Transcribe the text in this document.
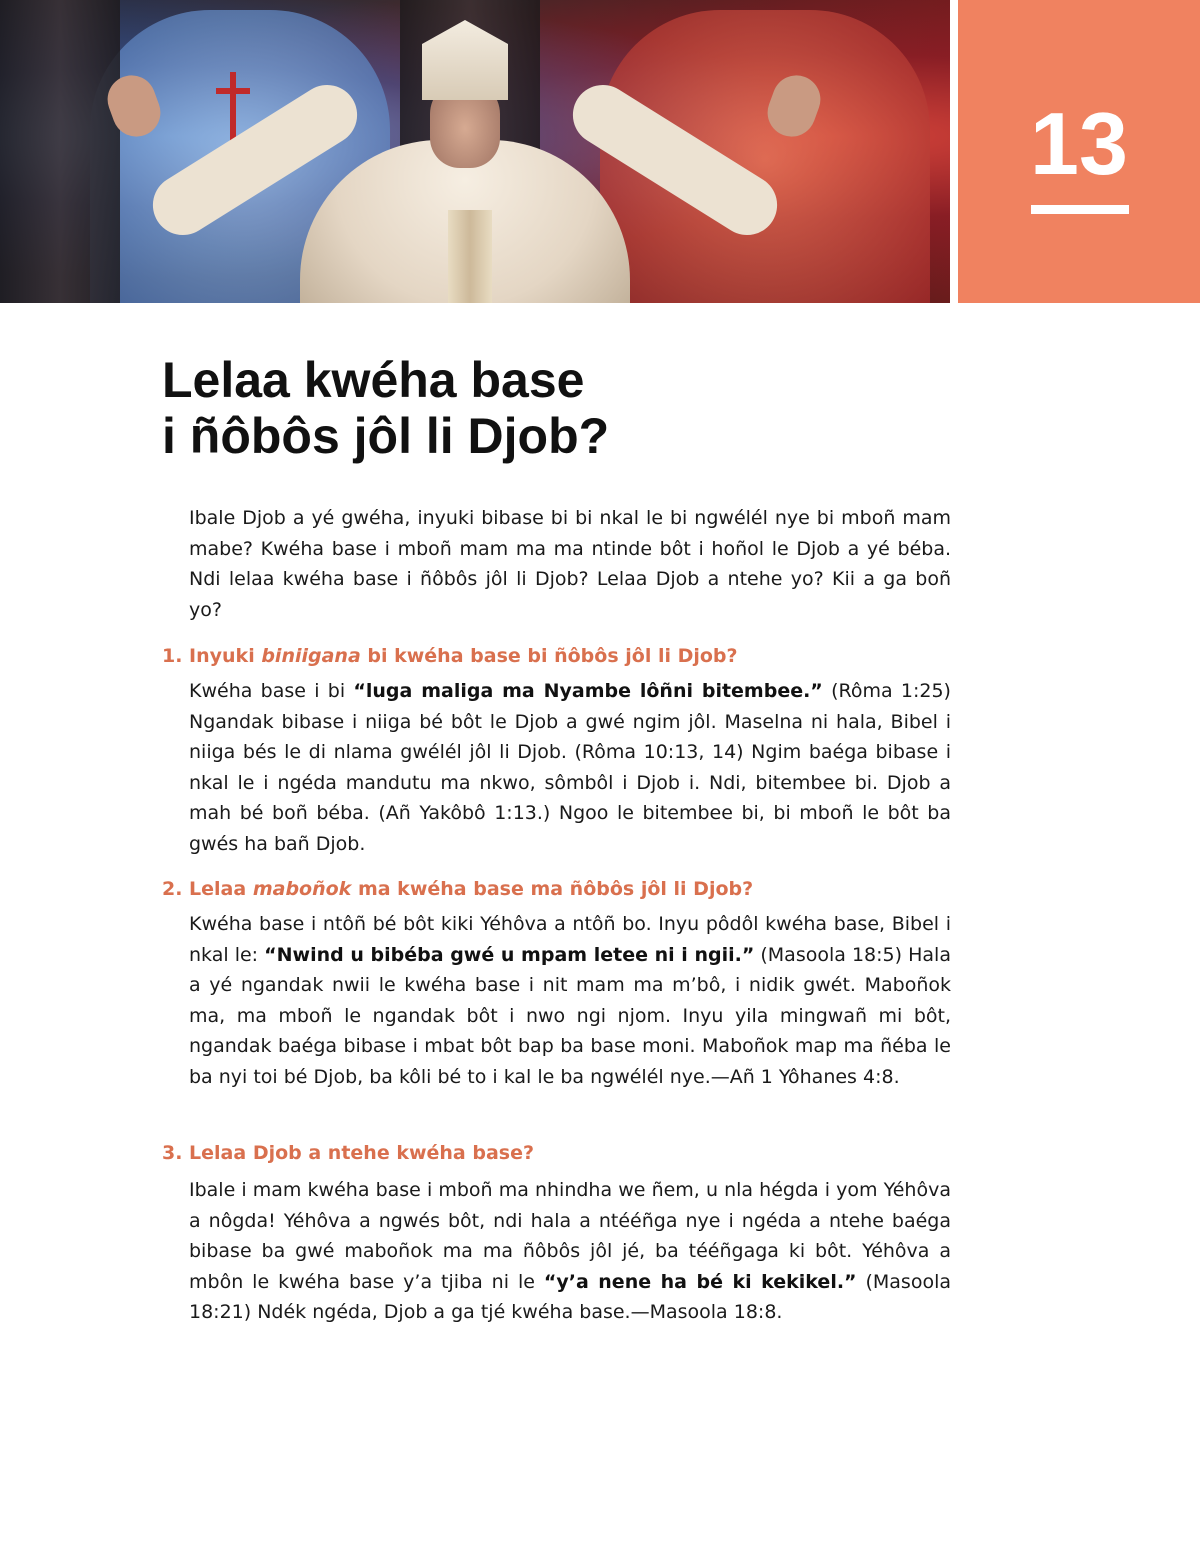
13
Lelaa kwéha base
i ñôbôs jôl li Djob?

Ibale Djob a yé gwéha, inyuki bibase bi bi nkal le bi ngwélél nye bi mboñ mam mabe? Kwéha base i mboñ mam ma ma ntinde bôt i hoñol le Djob a yé béba. Ndi lelaa kwéha base i ñôbôs jôl li Djob? Lelaa Djob a ntehe yo? Kii a ga boñ yo?

1. Inyuki biniigana bi kwéha base bi ñôbôs jôl li Djob?

Kwéha base i bi “luga maliga ma Nyambe lôñni bitembee.” (Rôma 1:25) Ngandak bibase i niiga bé bôt le Djob a gwé ngim jôl. Maselna ni hala, Bibel i niiga bés le di nlama gwélél jôl li Djob. (Rôma 10:13, 14) Ngim baéga bibase i nkal le i ngéda mandutu ma nkwo, sômbôl i Djob i. Ndi, bitembee bi. Djob a mah bé boñ béba. (Añ Yakôbô 1:13.) Ngoo le bitembee bi, bi mboñ le bôt ba gwés ha bañ Djob.

2. Lelaa maboñok ma kwéha base ma ñôbôs jôl li Djob?

Kwéha base i ntôñ bé bôt kiki Yéhôva a ntôñ bo. Inyu pôdôl kwéha base, Bibel i nkal le: “Nwind u bibéba gwé u mpam letee ni i ngii.” (Masoola 18:5) Hala a yé ngandak nwii le kwéha base i nit mam ma m’bô, i nidik gwét. Maboñok ma, ma mboñ le ngandak bôt i nwo ngi njom. Inyu yila mingwañ mi bôt, ngandak baéga bibase i mbat bôt bap ba base moni. Maboñok map ma ñéba le ba nyi toi bé Djob, ba kôli bé to i kal le ba ngwélél nye.—Añ 1 Yôhanes 4:8.

3. Lelaa Djob a ntehe kwéha base?

Ibale i mam kwéha base i mboñ ma nhindha we ñem, u nla hégda i yom Yéhôva a nôgda! Yéhôva a ngwés bôt, ndi hala a ntééñga nye i ngéda a ntehe baéga bibase ba gwé maboñok ma ma ñôbôs jôl jé, ba tééñgaga ki bôt. Yéhôva a mbôn le kwéha base y’a tjiba ni le “y’a nene ha bé ki kekikel.” (Masoola 18:21) Ndék ngéda, Djob a ga tjé kwéha base.—Masoola 18:8.
